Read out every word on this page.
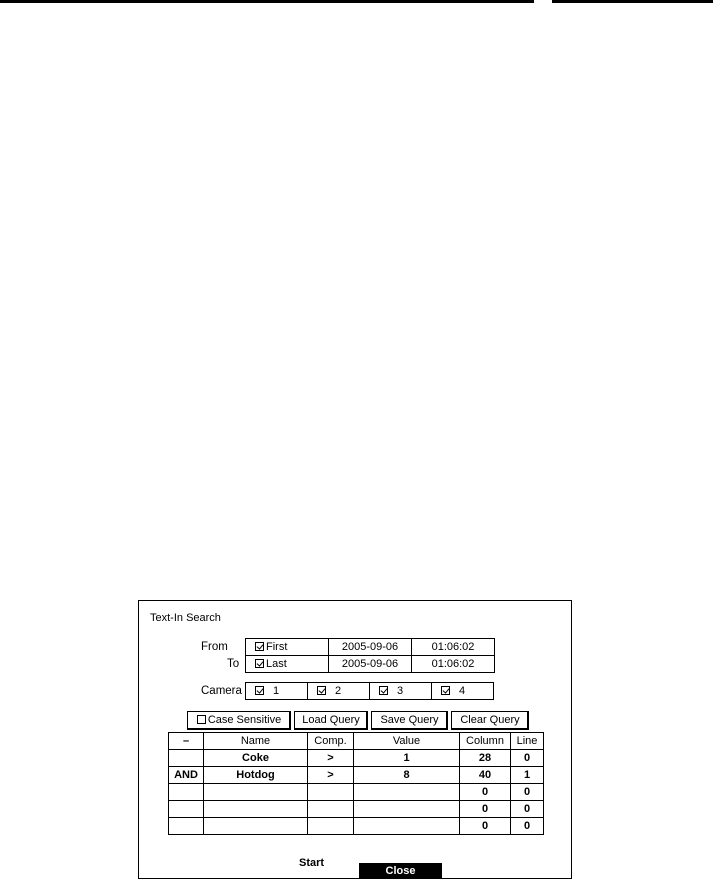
Text-In Search
From	First	2005-09-06	01:06:02
To	Last	2005-09-06	01:06:02
Camera	1	2	3	4
Case Sensitive	Load Query	Save Query	Clear Query
–	Name	Comp.	Value	Column	Line
	Coke	>	1	28	0
AND	Hotdog	>	8	40	1
				0	0
				0	0
				0	0
Start
Close
